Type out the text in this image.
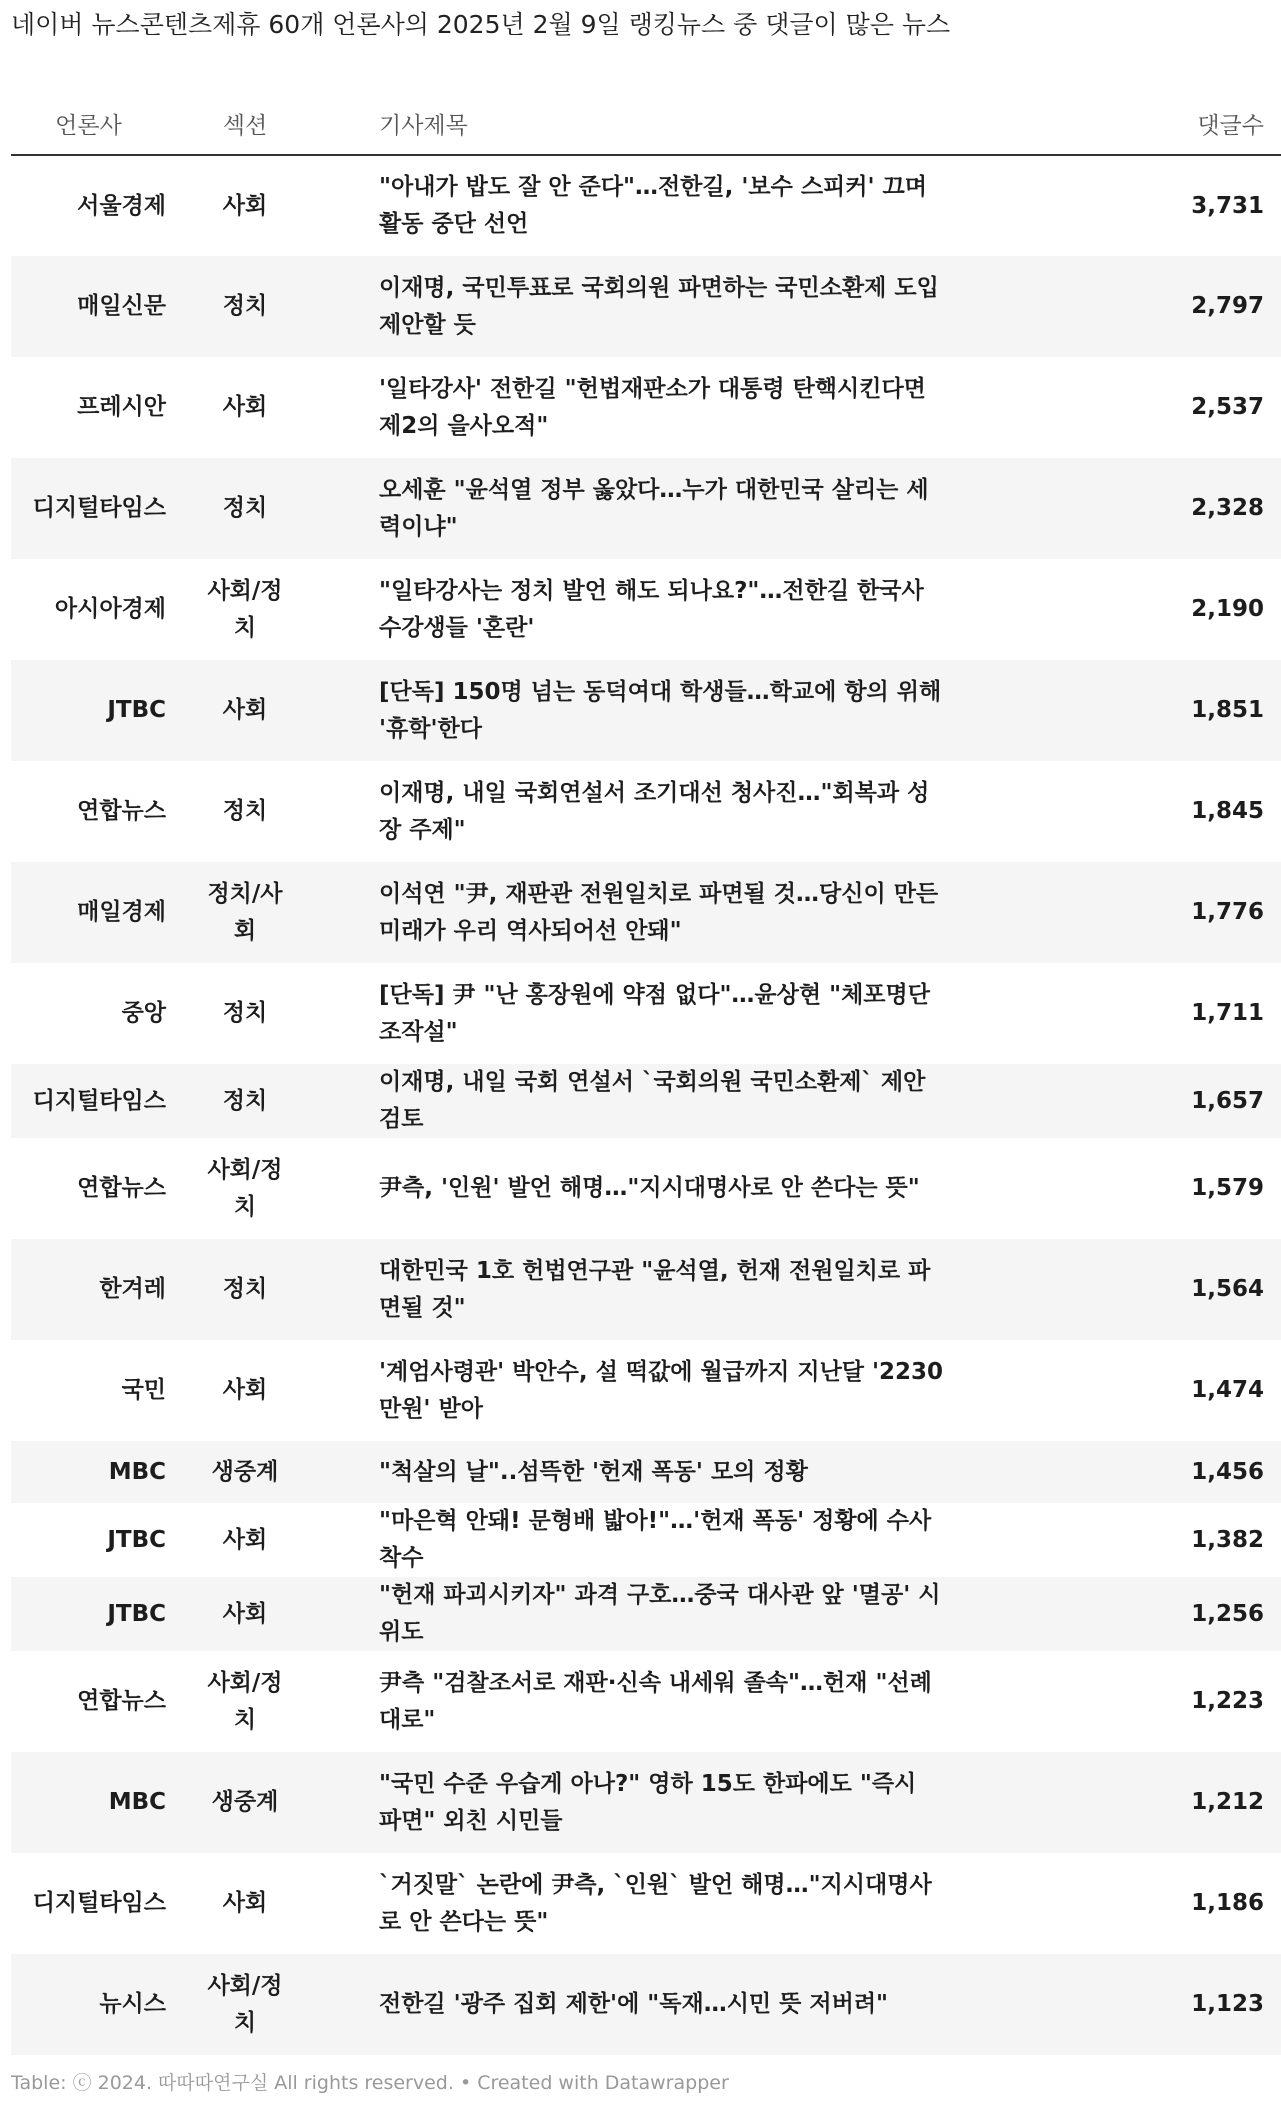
네이버 뉴스콘텐츠제휴 60개 언론사의 2025년 2월 9일 랭킹뉴스 중 댓글이 많은 뉴스
언론사	섹션	기사제목	댓글수
서울경제	사회	"아내가 밥도 잘 안 준다"…전한길, '보수 스피커' 끄며 활동 중단 선언	3,731
매일신문	정치	이재명, 국민투표로 국회의원 파면하는 국민소환제 도입 제안할 듯	2,797
프레시안	사회	'일타강사' 전한길 "헌법재판소가 대통령 탄핵시킨다면 제2의 을사오적"	2,537
디지털타임스	정치	오세훈 "윤석열 정부 옳았다…누가 대한민국 살리는 세력이냐"	2,328
아시아경제	사회/정치	"일타강사는 정치 발언 해도 되나요?"…전한길 한국사 수강생들 '혼란'	2,190
JTBC	사회	[단독] 150명 넘는 동덕여대 학생들…학교에 항의 위해 '휴학'한다	1,851
연합뉴스	정치	이재명, 내일 국회연설서 조기대선 청사진…"회복과 성장 주제"	1,845
매일경제	정치/사회	이석연 "尹, 재판관 전원일치로 파면될 것…당신이 만든 미래가 우리 역사되어선 안돼"	1,776
중앙	정치	[단독] 尹 "난 홍장원에 약점 없다"…윤상현 "체포명단 조작설"	1,711
디지털타임스	정치	이재명, 내일 국회 연설서 `국회의원 국민소환제` 제안 검토	1,657
연합뉴스	사회/정치	尹측, '인원' 발언 해명…"지시대명사로 안 쓴다는 뜻"	1,579
한겨레	정치	대한민국 1호 헌법연구관 "윤석열, 헌재 전원일치로 파면될 것"	1,564
국민	사회	'계엄사령관' 박안수, 설 떡값에 월급까지 지난달 '2230만원' 받아	1,474
MBC	생중계	"척살의 날"..섬뜩한 '헌재 폭동' 모의 정황	1,456
JTBC	사회	"마은혁 안돼! 문형배 밟아!"…'헌재 폭동' 정황에 수사 착수	1,382
JTBC	사회	"헌재 파괴시키자" 과격 구호…중국 대사관 앞 '멸공' 시위도	1,256
연합뉴스	사회/정치	尹측 "검찰조서로 재판·신속 내세워 졸속"…헌재 "선례대로"	1,223
MBC	생중계	"국민 수준 우습게 아나?" 영하 15도 한파에도 "즉시 파면" 외친 시민들	1,212
디지털타임스	사회	`거짓말` 논란에 尹측, `인원` 발언 해명…"지시대명사로 안 쓴다는 뜻"	1,186
뉴시스	사회/정치	전한길 '광주 집회 제한'에 "독재…시민 뜻 저버려"	1,123
Table: ⓒ 2024. 따따따연구실 All rights reserved. • Created with Datawrapper
